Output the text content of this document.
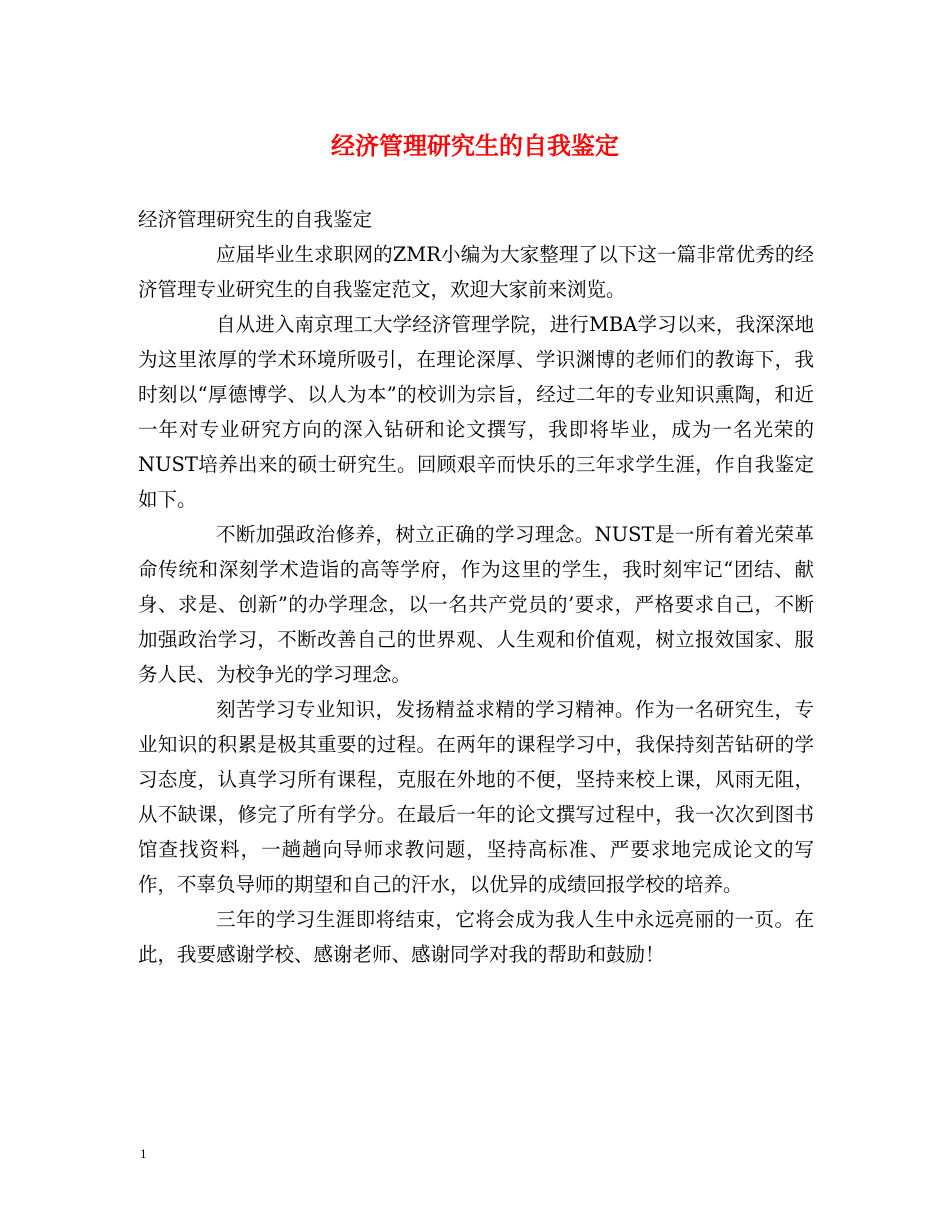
经济管理研究生的自我鉴定

经济管理研究生的自我鉴定

应届毕业生求职网的ZMR小编为大家整理了以下这一篇非常优秀的经济管理专业研究生的自我鉴定范文，欢迎大家前来浏览。

自从进入南京理工大学经济管理学院，进行MBA学习以来，我深深地为这里浓厚的学术环境所吸引，在理论深厚、学识渊博的老师们的教诲下，我时刻以“厚德博学、以人为本”的校训为宗旨，经过二年的专业知识熏陶，和近一年对专业研究方向的深入钻研和论文撰写，我即将毕业，成为一名光荣的NUST培养出来的硕士研究生。回顾艰辛而快乐的三年求学生涯，作自我鉴定如下。

不断加强政治修养，树立正确的学习理念。NUST是一所有着光荣革命传统和深刻学术造诣的高等学府，作为这里的学生，我时刻牢记“团结、献身、求是、创新”的办学理念，以一名共产党员的’要求，严格要求自己，不断加强政治学习，不断改善自己的世界观、人生观和价值观，树立报效国家、服务人民、为校争光的学习理念。

刻苦学习专业知识，发扬精益求精的学习精神。作为一名研究生，专业知识的积累是极其重要的过程。在两年的课程学习中，我保持刻苦钻研的学习态度，认真学习所有课程，克服在外地的不便，坚持来校上课，风雨无阻，从不缺课，修完了所有学分。在最后一年的论文撰写过程中，我一次次到图书馆查找资料，一趟趟向导师求教问题，坚持高标准、严要求地完成论文的写作，不辜负导师的期望和自己的汗水，以优异的成绩回报学校的培养。

三年的学习生涯即将结束，它将会成为我人生中永远亮丽的一页。在此，我要感谢学校、感谢老师、感谢同学对我的帮助和鼓励！

1
